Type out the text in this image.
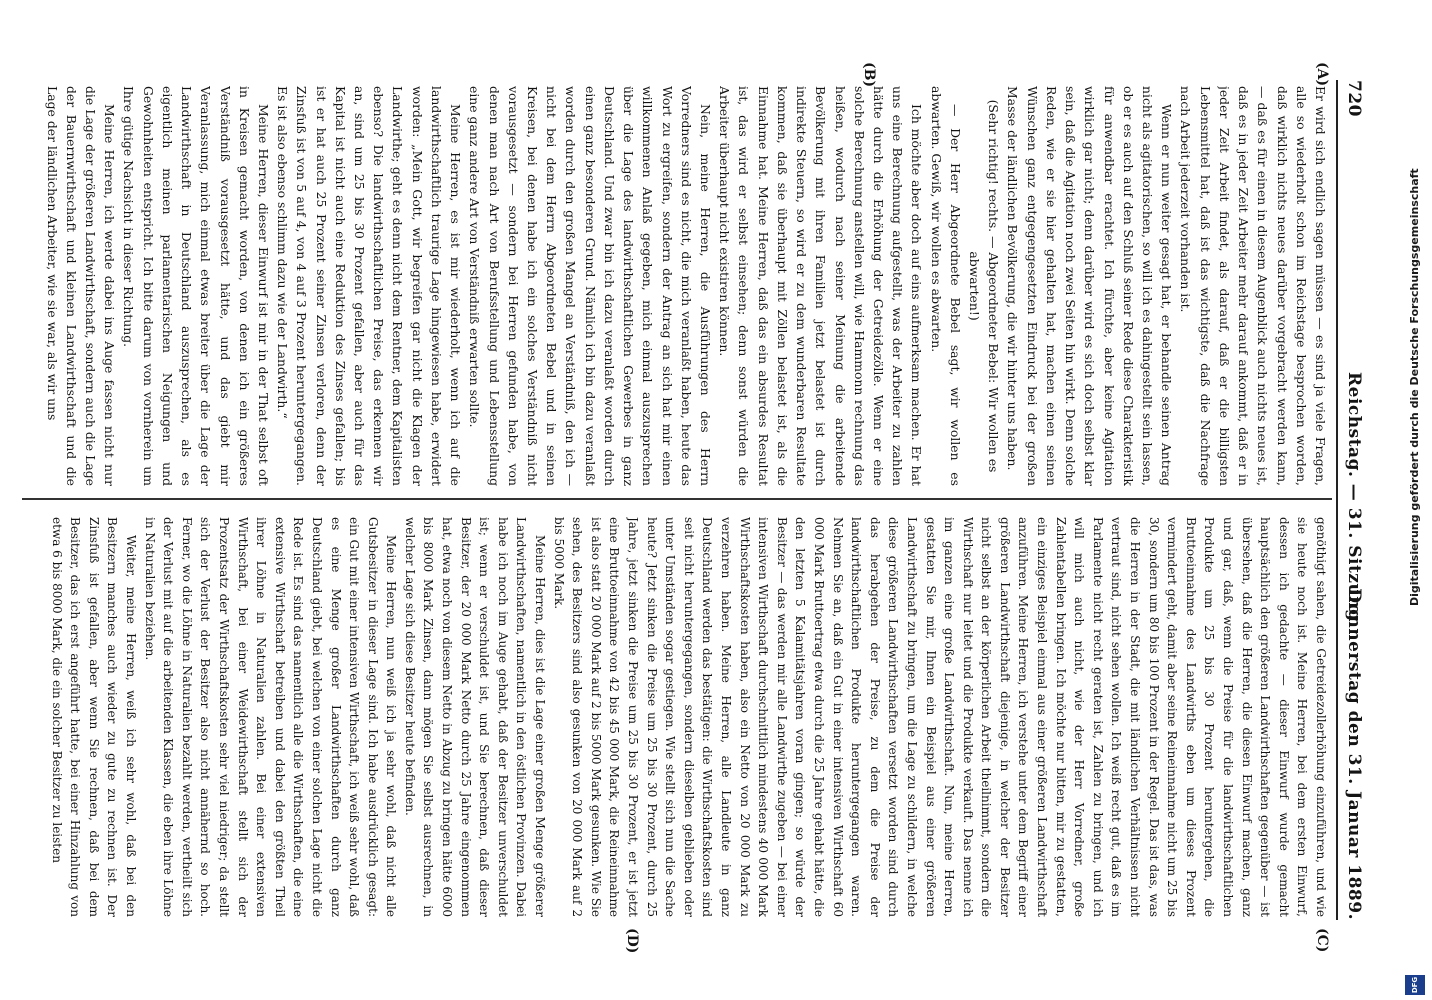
720
Reichstag. — 31. Sitzung.
Donnerstag den 31. Januar 1889.
(A)
(B)
(C)
(D)

Er wird sich endlich sagen müssen — es sind ja viele Fragen, alle so wiederholt schon im Reichstage besprochen worden, daß wirklich nichts neues darüber vorgebracht werden kann, — daß es für einen in diesem Augenblick auch nichts neues ist, daß es in jeder Zeit Arbeiter mehr darauf ankommt, daß er in jeder Zeit Arbeit findet, als darauf, daß er die billigsten Lebensmittel hat, daß ist das wichtigste, daß die Nachfrage nach Arbeit jederzeit vorhanden ist.

Wenn er nun weiter gesagt hat, er behandle seinen Antrag nicht als agitatorischen, so will ich es dahingestellt sein lassen, ob er es auch auf den Schluß seiner Rede diese Charakteristik für anwendbar erachtet. Ich fürchte, aber keine Agitation wirklich gar nicht; denn darüber wird es sich doch selbst klar sein, daß die Agitation noch zwei Seiten hin wirkt. Denn solche Reden, wie er sie hier gehalten hat, machen einen seinen Wünschen ganz entgegengesetzten Eindruck bei der großen Masse der ländlichen Bevölkerung, die wir hinter uns haben.

(Sehr richtig! rechts. — Abgeordneter Bebel: Wir wollen es abwarten!)

— Der Herr Abgeordnete Bebel sagt, wir wollen es abwarten. Gewiß, wir wollen es abwarten.

Ich möchte aber doch auf eins aufmerksam machen. Er hat uns eine Berechnung aufgestellt, was der Arbeiter zu zahlen hätte durch die Erhöhung der Getreidezölle. Wenn er eine solche Berechnung anstellen will, wie Hammonn rechnung das heißen, wodurch nach seiner Meinung die arbeitende Bevölkerung mit ihren Familien jetzt belastet ist durch indirekte Steuern, so wird er zu dem wunderbaren Resultate kommen, daß sie überhaupt mit Zöllen belastet ist, als die Einnahme hat. Meine Herren, daß das ein absurdes Resultat ist, das wird er selbst einsehen; denn sonst würden die Arbeiter überhaupt nicht existiren können.

Nein, meine Herren, die Ausführungen des Herrn Vorredners sind es nicht, die mich veranlaßt haben, heute das Wort zu ergreifen, sondern der Antrag an sich hat mir einen willkommenen Anlaß gegeben, mich einmal auszusprechen über die Lage des landwirthschaftlichen Gewerbes in ganz Deutschland. Und zwar bin ich dazu veranlaßt worden durch einen ganz besonderen Grund. Nämlich ich bin dazu veranlaßt worden durch den großen Mangel an Verständniß, den ich — nicht bei dem Herrn Abgeordneten Bebel und in seinen Kreisen, bei denen habe ich ein solches Verständniß nicht vorausgesetzt — sondern bei Herren gefunden habe, von denen man nach Art von Berufsstellung und Lebensstellung eine ganz andere Art von Verständniß erwarten sollte.

Meine Herren, es ist mir wiederholt, wenn ich auf die landwirthschaftlich traurige Lage hingewiesen habe, erwidert worden: „Mein Gott, wir begreifen gar nicht die Klagen der Landwirthe; geht es denn nicht dem Rentner, dem Kapitalisten ebenso? Die landwirthschaftlichen Preise, das erkennen wir an, sind um 25 bis 30 Prozent gefallen, aber auch für das Kapital ist nicht auch eine Reduktion des Zinses gefallen; bis ist er hat auch 25 Prozent seiner Zinsen verloren, denn der Zinsfuß ist von 5 auf 4, von 4 auf 3 Prozent heruntergegangen. Es ist also ebenso schlimm dazu wie der Landwirth.“

Meine Herren, dieser Einwurf ist mir in der That selbst oft in Kreisen gemacht worden, von denen ich ein größeres Verständniß vorausgesetzt hätte, und das giebt mir Veranlassung, mich einmal etwas breiter über die Lage der Landwirthschaft in Deutschland auszusprechen, als es eigentlich meinen parlamentarischen Neigungen und Gewohnheiten entspricht. Ich bitte darum von vornherein um Ihre gütige Nachsicht in dieser Richtung.

Meine Herren, ich werde dabei ins Auge fassen nicht nur die Lage der größeren Landwirthschaft, sondern auch die Lage der Bauernwirthschaft und kleinen Landwirthschaft und die Lage der ländlichen Arbeiter, wie sie war, als wir uns

genöthigt sahen, die Getreidezollerhöhung einzuführen, und wie sie heute noch ist. Meine Herren, bei dem ersten Einwurf, dessen ich gedachte — dieser Einwurf wurde gemacht hauptsächlich den größeren Landwirthschaften gegenüber — ist übersehen, daß die Herren, die diesen Einwurf machen, ganz und gar, daß, wenn die Preise für die landwirthschaftlichen Produkte um 25 bis 30 Prozent heruntergehen, die Bruttoeinnahme des Landwirths eben um dieses Prozent vermindert geht, damit aber seine Reineinnahme nicht um 25 bis 30, sondern um 80 bis 100 Prozent in der Regel. Das ist das, was die Herren in der Stadt, die mit ländlichen Verhältnissen nicht vertraut sind, nicht sehen wollen. Ich weiß recht gut, daß es im Parlamente nicht recht geraten ist, Zahlen zu bringen, und ich will mich auch nicht, wie der Herr Vorredner, große Zahlentabellen bringen. Ich möchte nur bitten, mir zu gestatten, ein einziges Beispiel einmal aus einer größeren Landwirthschaft anzuführen. Meine Herren, ich verstehe unter dem Begriff einer größeren Landwirthschaft diejenige, in welcher der Besitzer nicht selbst an der körperlichen Arbeit theilnimmt, sondern die Wirthschaft nur leitet und die Produkte verkauft. Das nenne ich im ganzen eine große Landwirthschaft. Nun, meine Herren, gestatten Sie mir, Ihnen ein Beispiel aus einer größeren Landwirthschaft zu bringen, um die Lage zu schildern, in welche diese größeren Landwirthschaften versetzt worden sind durch das herabgehen der Preise, zu dem die Preise der landwirthschaftlichen Produkte heruntergegangen waren. Nehmen Sie an, daß ein Gut in einer intensiven Wirthschaft 60 000 Mark Bruttoertrag etwa durch die 25 Jahre gehabt hätte, die den letzten 5 Kalamitätsjahren voran gingen; so würde der Besitzer — das werden mir alle Landwirthe zugeben — bei einer intensiven Wirthschaft durchschnittlich mindestens 40 000 Mark Wirthschaftskosten haben, also ein Netto von 20 000 Mark zu verzehren haben. Meine Herren, alle Landleute in ganz Deutschland werden das bestätigen: die Wirthschaftskosten sind seit nicht heruntergegangen, sondern dieselben geblieben oder unter Umständen sogar gestiegen. Wie stellt sich nun die Sache heute? Jetzt sinken die Preise um 25 bis 30 Prozent, durch 25 Jahre, jetzt sinken die Preise um 25 bis 30 Prozent, er ist jetzt eine Bruttoeinnahme von 42 bis 45 000 Mark, die Reineinnahme ist also statt 20 000 Mark auf 2 bis 5000 Mark gesunken. Wie Sie sehen, des Besitzers sind also gesunken von 20 000 Mark auf 2 bis 5000 Mark.

Meine Herren, dies ist die Lage einer großen Menge größerer Landwirthschaften, namentlich in den östlichen Provinzen. Dabei habe ich noch im Auge gehabt, daß der Besitzer unverschuldet ist; wenn er verschuldet ist, und Sie berechnen, daß dieser Besitzer, der 20 000 Mark Netto durch 25 Jahre eingenommen hat, etwa noch von diesem Netto in Abzug zu bringen hätte 6000 bis 8000 Mark Zinsen, dann mögen Sie selbst ausrechnen, in welcher Lage sich diese Besitzer heute befinden.

Meine Herren, nun weiß ich ja sehr wohl, daß nicht alle Gutsbesitzer in dieser Lage sind. Ich habe ausdrücklich gesagt: ein Gut mit einer intensiven Wirthschaft, ich weiß sehr wohl, daß es eine Menge großer Landwirthschaften durch ganz Deutschland giebt, bei welchen von einer solchen Lage nicht die Rede ist. Es sind das namentlich alle die Wirthschaften, die eine extensive Wirthschaft betreiben und dabei den größten Theil ihrer Löhne in Naturalien zahlen. Bei einer extensiven Wirthschaft, bei einer Weidewirthschaft stellt sich der Prozentsatz der Wirthschaftskosten sehr viel niedriger; da stellt sich der Verlust der Besitzer also nicht annähernd so hoch. Ferner, wo die Löhne in Naturalien bezahlt werden, vertheilt sich der Verlust mit auf die arbeitenden Klassen, die eben ihre Löhne in Naturalien beziehen.

Weiter, meine Herren, weiß ich sehr wohl, daß bei den Besitzern manches auch wieder zu gute zu rechnen ist. Der Zinsfuß ist gefallen, aber wenn Sie rechnen, daß bei dem Besitzer, das ich erst angeführt hatte, bei einer Hinzahlung von etwa 6 bis 8000 Mark, die ein solcher Besitzer zu leisten

Digitalisierung gefördert durch die Deutsche Forschungsgemeinschaft
DFG
